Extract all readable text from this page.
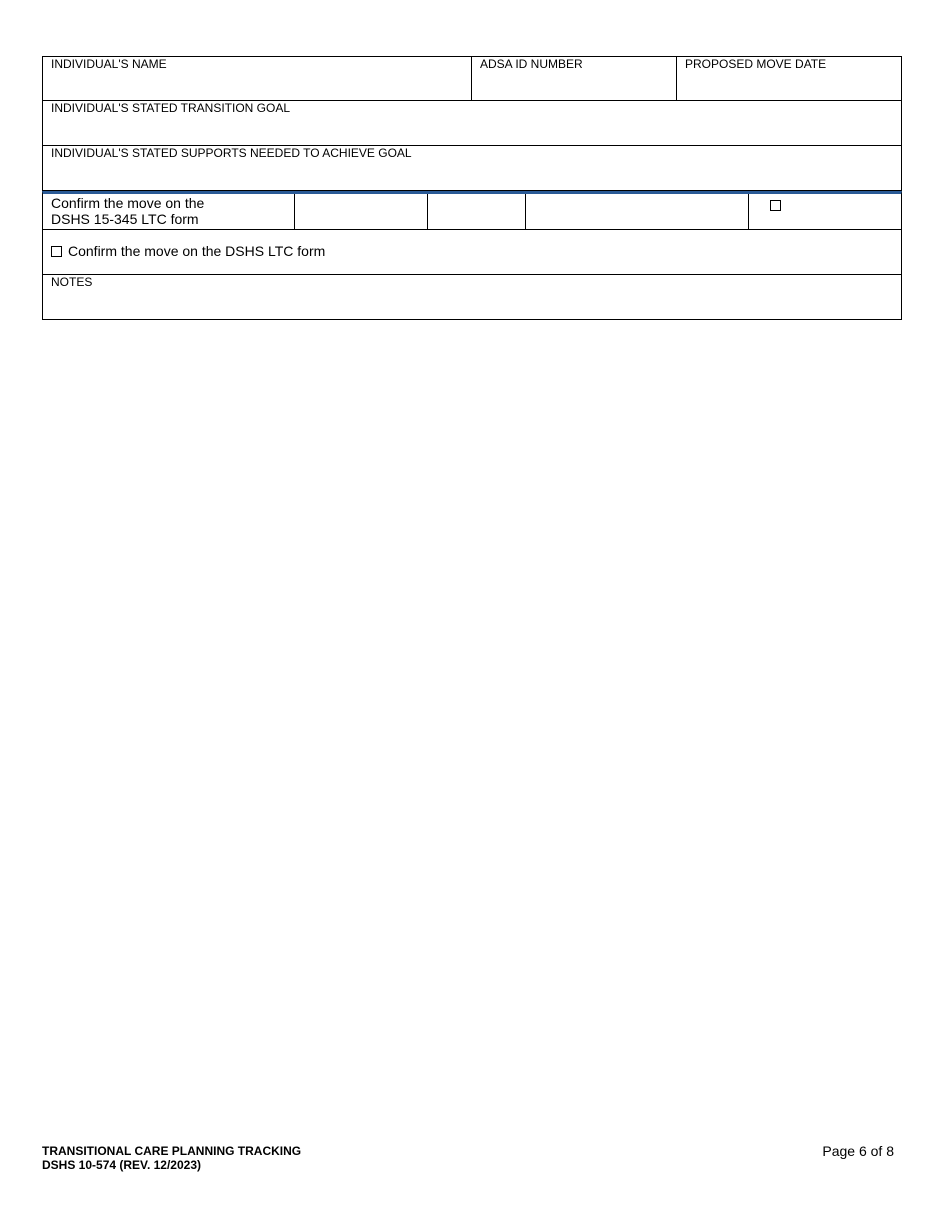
INDIVIDUAL'S NAME	ADSA ID NUMBER	PROPOSED MOVE DATE
INDIVIDUAL'S STATED TRANSITION GOAL
INDIVIDUAL'S STATED SUPPORTS NEEDED TO ACHIEVE GOAL
Confirm the move on the
DSHS 15-345 LTC form
Confirm the move on the DSHS LTC form
NOTES
TRANSITIONAL CARE PLANNING TRACKING
DSHS 10-574 (REV. 12/2023)
Page 6 of 8
